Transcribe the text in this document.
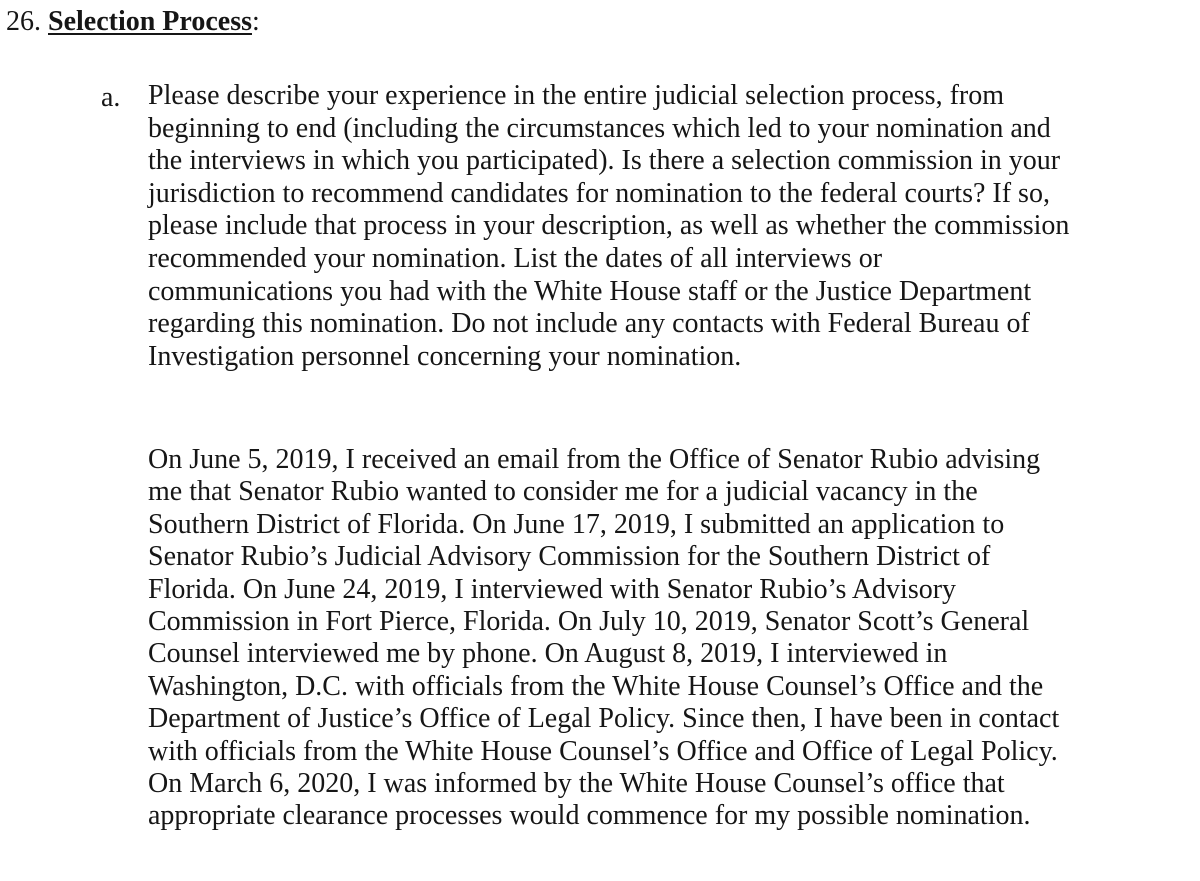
26. Selection Process:
a. Please describe your experience in the entire judicial selection process, from
beginning to end (including the circumstances which led to your nomination and
the interviews in which you participated). Is there a selection commission in your
jurisdiction to recommend candidates for nomination to the federal courts? If so,
please include that process in your description, as well as whether the commission
recommended your nomination. List the dates of all interviews or
communications you had with the White House staff or the Justice Department
regarding this nomination. Do not include any contacts with Federal Bureau of
Investigation personnel concerning your nomination.
On June 5, 2019, I received an email from the Office of Senator Rubio advising
me that Senator Rubio wanted to consider me for a judicial vacancy in the
Southern District of Florida. On June 17, 2019, I submitted an application to
Senator Rubio’s Judicial Advisory Commission for the Southern District of
Florida. On June 24, 2019, I interviewed with Senator Rubio’s Advisory
Commission in Fort Pierce, Florida. On July 10, 2019, Senator Scott’s General
Counsel interviewed me by phone. On August 8, 2019, I interviewed in
Washington, D.C. with officials from the White House Counsel’s Office and the
Department of Justice’s Office of Legal Policy. Since then, I have been in contact
with officials from the White House Counsel’s Office and Office of Legal Policy.
On March 6, 2020, I was informed by the White House Counsel’s office that
appropriate clearance processes would commence for my possible nomination.
